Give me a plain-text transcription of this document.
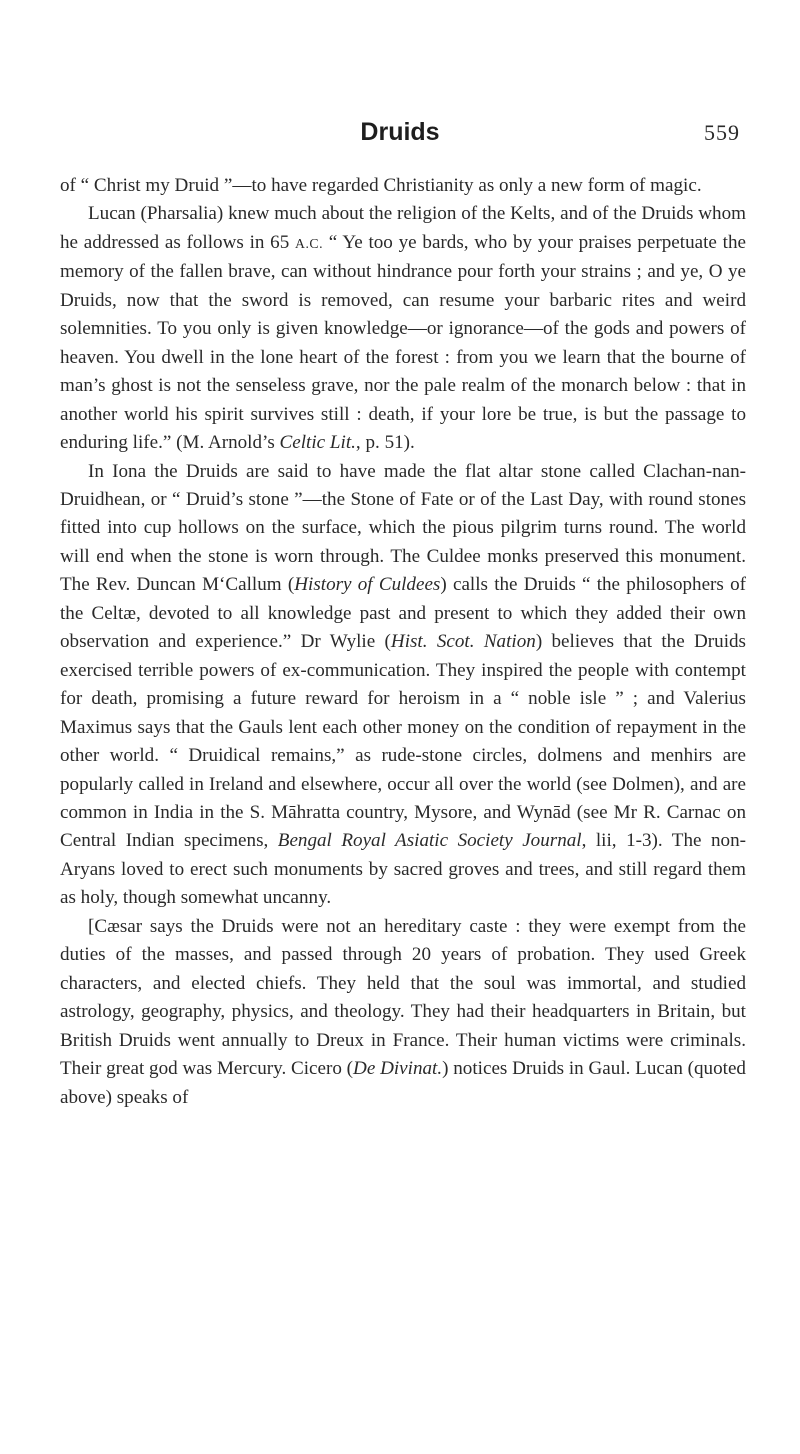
Druids	559

of “ Christ my Druid ”—to have regarded Christianity as only a new form of magic.

Lucan (Pharsalia) knew much about the religion of the Kelts, and of the Druids whom he addressed as follows in 65 A.C. “ Ye too ye bards, who by your praises perpetuate the memory of the fallen brave, can without hindrance pour forth your strains ; and ye, O ye Druids, now that the sword is removed, can resume your barbaric rites and weird solemnities. To you only is given knowledge—or ignorance—of the gods and powers of heaven. You dwell in the lone heart of the forest : from you we learn that the bourne of man’s ghost is not the senseless grave, nor the pale realm of the monarch below : that in another world his spirit survives still : death, if your lore be true, is but the passage to enduring life.” (M. Arnold’s Celtic Lit., p. 51).

In Iona the Druids are said to have made the flat altar stone called Clachan-nan-Druidhean, or “ Druid’s stone ”—the Stone of Fate or of the Last Day, with round stones fitted into cup hollows on the surface, which the pious pilgrim turns round. The world will end when the stone is worn through. The Culdee monks preserved this monument. The Rev. Duncan M‘Callum (History of Culdees) calls the Druids “ the philosophers of the Celtæ, devoted to all knowledge past and present to which they added their own observation and experience.” Dr Wylie (Hist. Scot. Nation) believes that the Druids exercised terrible powers of ex-communication. They inspired the people with contempt for death, promising a future reward for heroism in a “ noble isle ” ; and Valerius Maximus says that the Gauls lent each other money on the condition of repayment in the other world. “ Druidical remains,” as rude-stone circles, dolmens and menhirs are popularly called in Ireland and elsewhere, occur all over the world (see Dolmen), and are common in India in the S. Māhratta country, Mysore, and Wynād (see Mr R. Carnac on Central Indian specimens, Bengal Royal Asiatic Society Journal, lii, 1-3). The non-Aryans loved to erect such monuments by sacred groves and trees, and still regard them as holy, though somewhat uncanny.

[Cæsar says the Druids were not an hereditary caste : they were exempt from the duties of the masses, and passed through 20 years of probation. They used Greek characters, and elected chiefs. They held that the soul was immortal, and studied astrology, geography, physics, and theology. They had their headquarters in Britain, but British Druids went annually to Dreux in France. Their human victims were criminals. Their great god was Mercury. Cicero (De Divinat.) notices Druids in Gaul. Lucan (quoted above) speaks of
